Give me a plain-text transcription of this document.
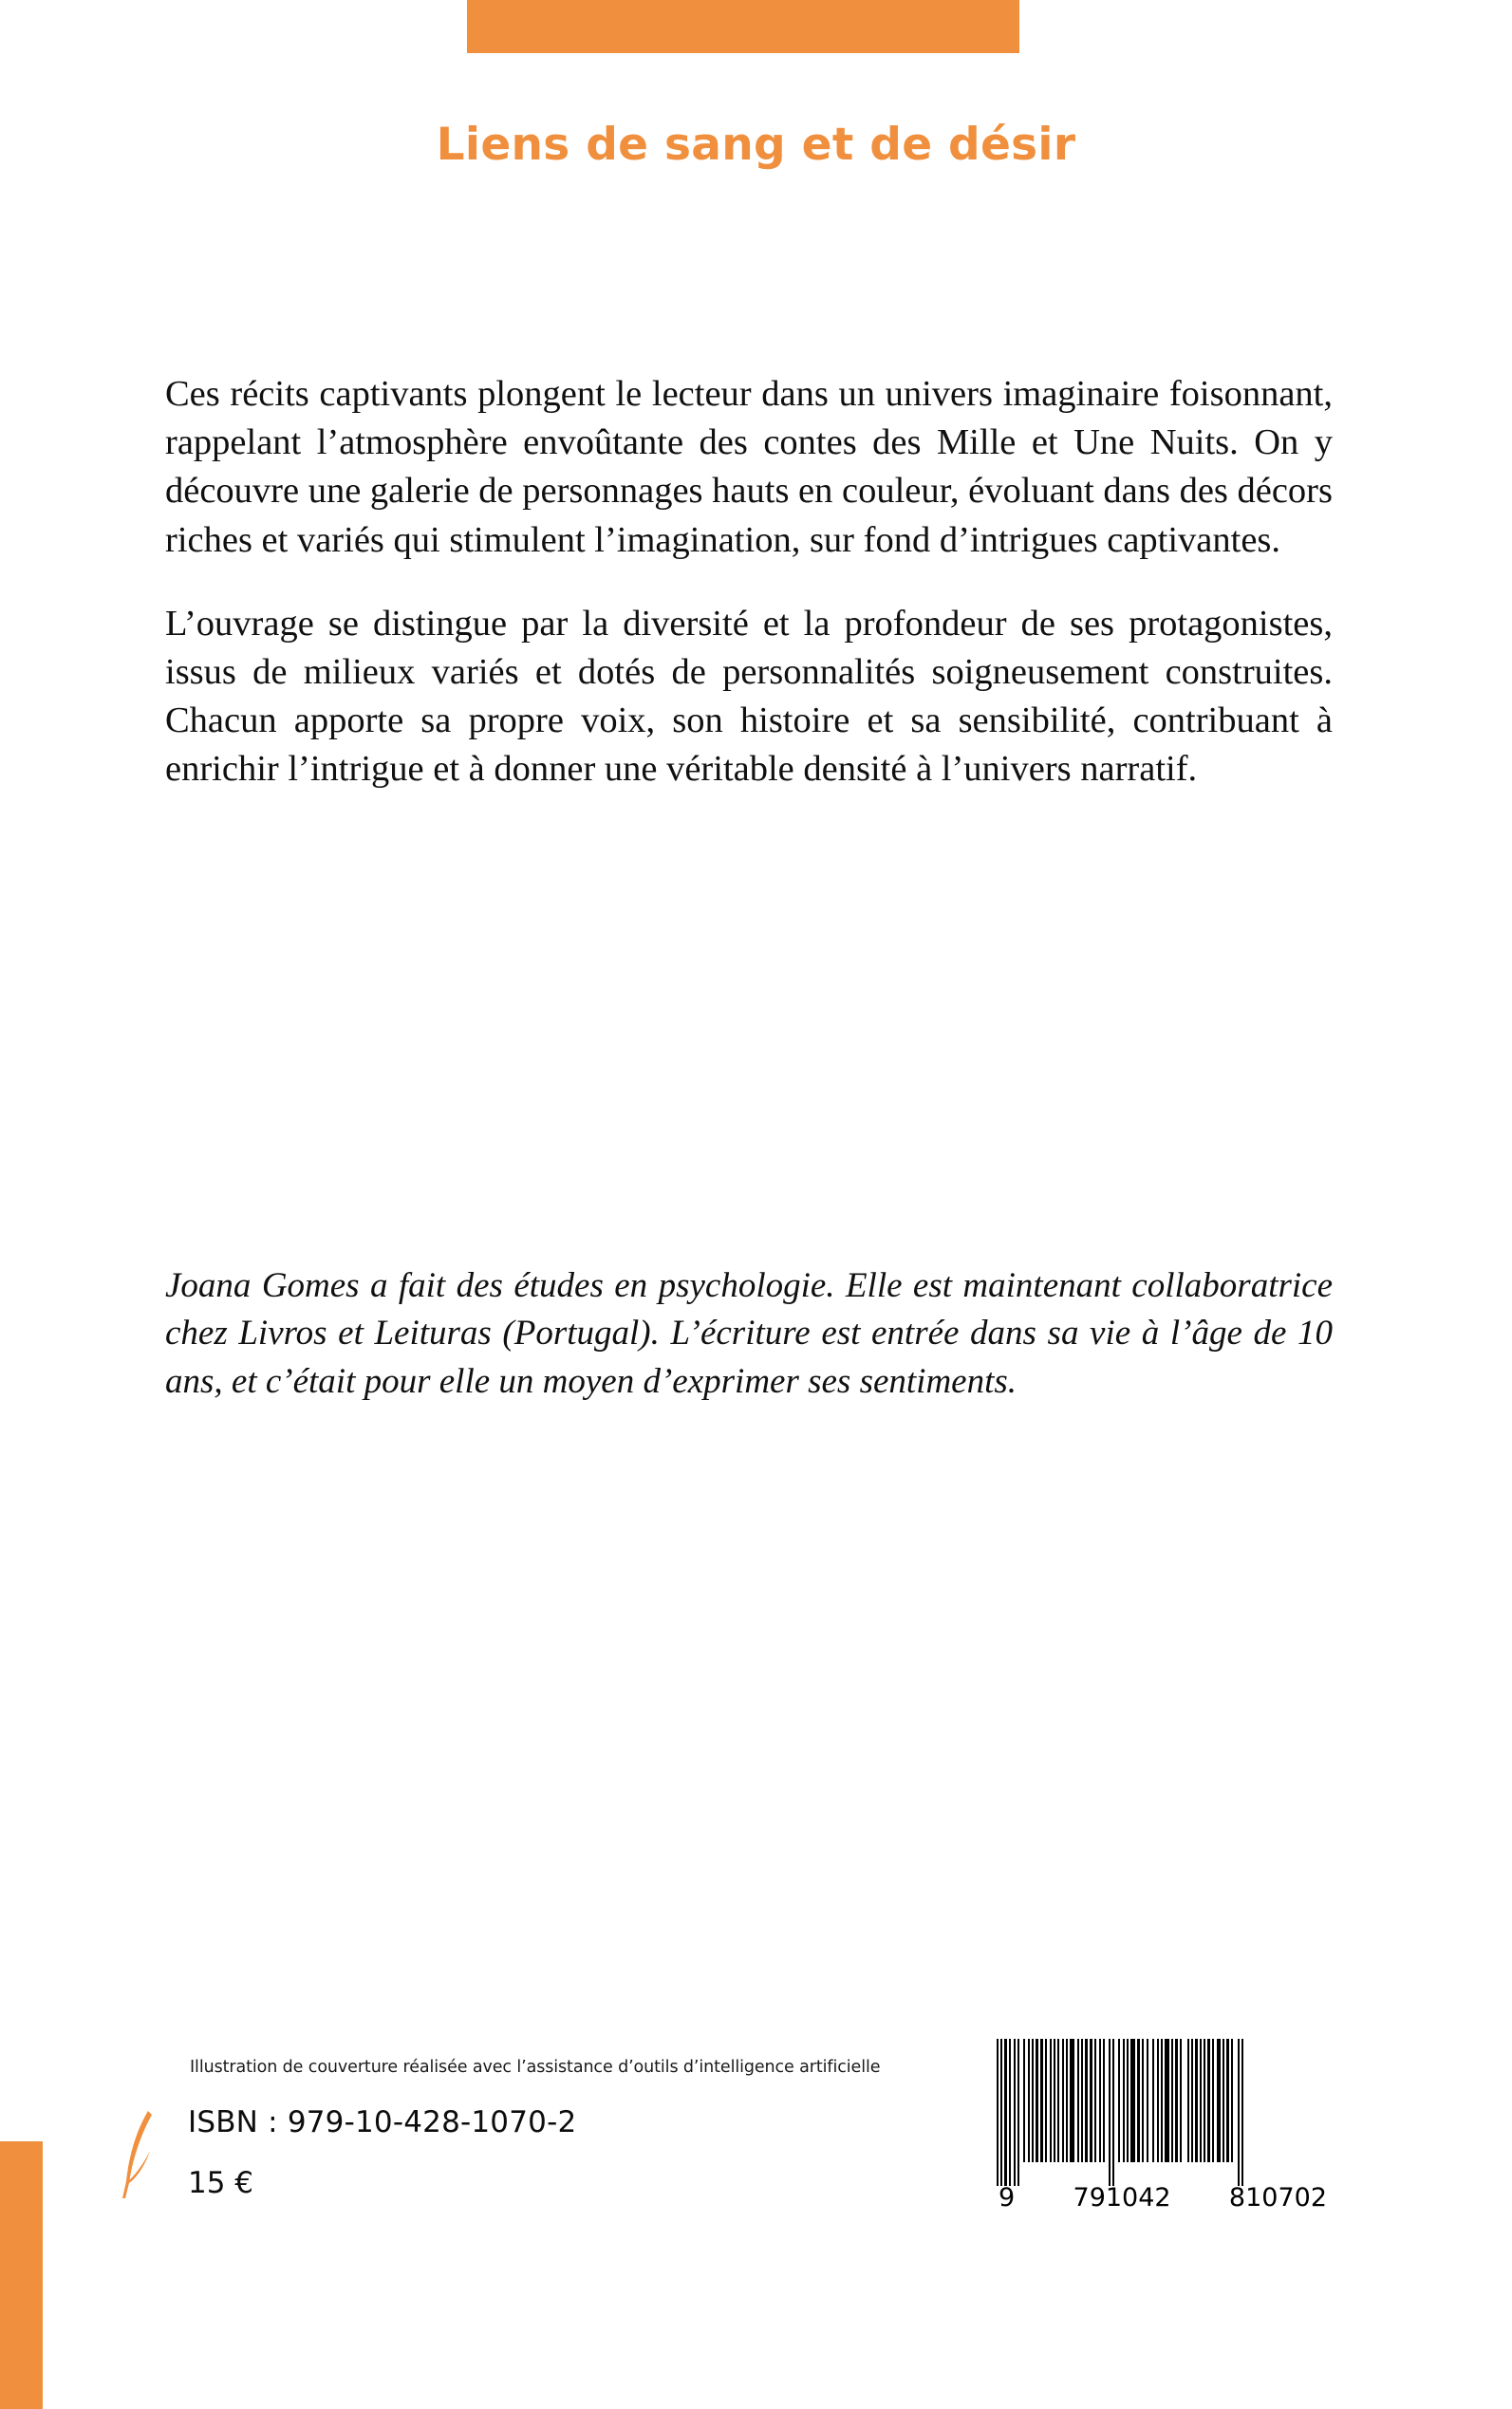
Liens de sang et de désir

Ces récits captivants plongent le lecteur dans un univers imaginaire foisonnant, rappelant l’atmosphère envoûtante des contes des Mille et Une Nuits. On y découvre une galerie de personnages hauts en couleur, évoluant dans des décors riches et variés qui stimulent l’imagination, sur fond d’intrigues captivantes.

L’ouvrage se distingue par la diversité et la profondeur de ses protagonistes, issus de milieux variés et dotés de personnalités soigneusement construites. Chacun apporte sa propre voix, son histoire et sa sensibilité, contribuant à enrichir l’intrigue et à donner une véritable densité à l’univers narratif.

Joana Gomes a fait des études en psychologie. Elle est maintenant collaboratrice chez Livros et Leituras (Portugal). L’écriture est entrée dans sa vie à l’âge de 10 ans, et c’était pour elle un moyen d’exprimer ses sentiments.
Illustration de couverture réalisée avec l’assistance d’outils d’intelligence artificielle
ISBN : 979-10-428-1070-2
15 €	9 791042 810702
